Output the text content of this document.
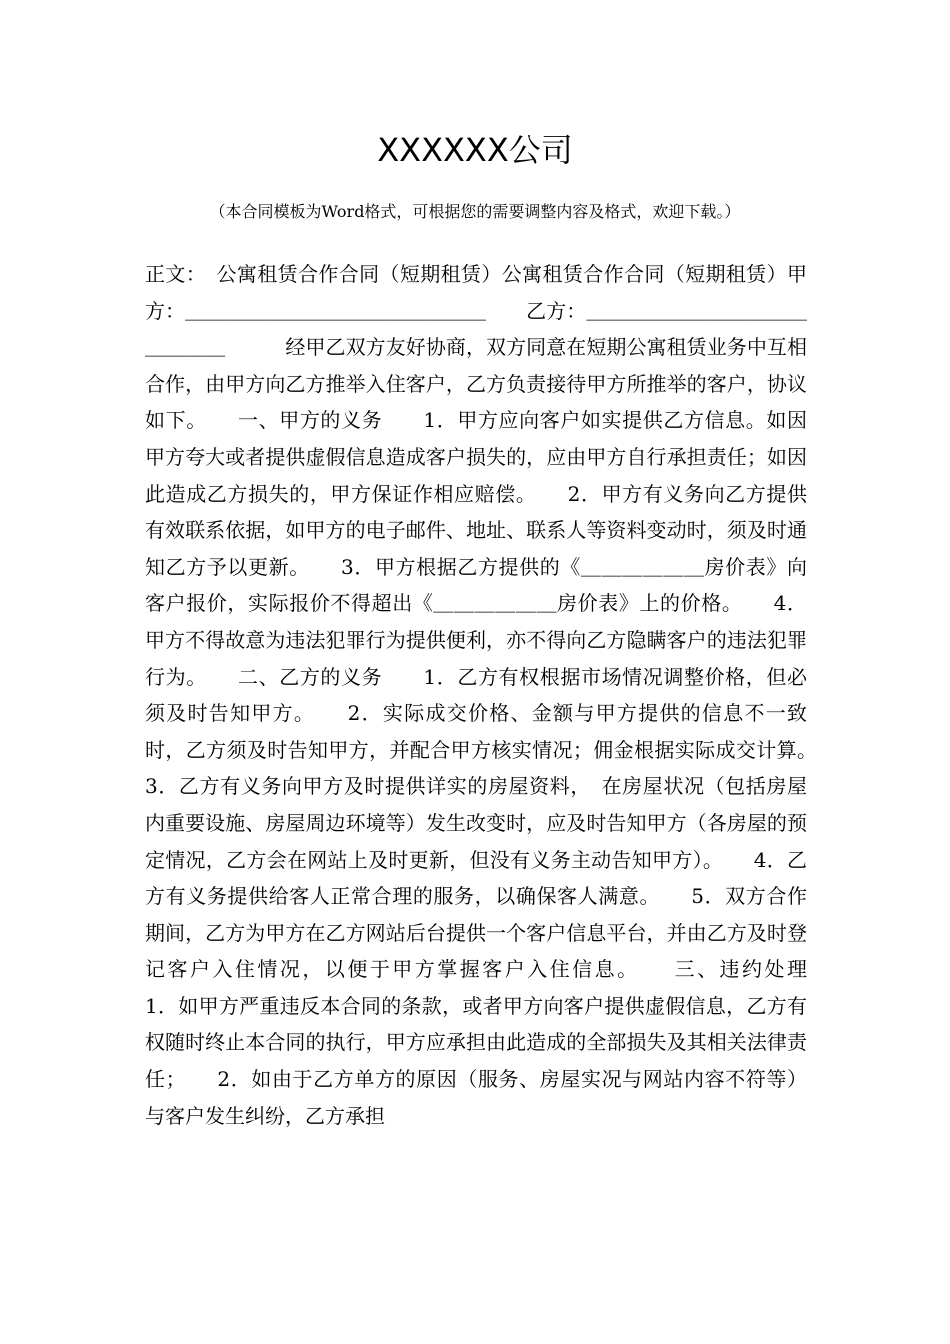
XXXXXX公司

（本合同模板为Word格式，可根据您的需要调整内容及格式，欢迎下载。）

正文：　公寓租赁合作合同（短期租赁）公寓租赁合作合同（短期租赁）甲方：＿＿＿＿＿＿＿＿＿＿＿＿＿＿＿　　乙方：＿＿＿＿＿＿＿＿＿＿＿＿＿＿＿　　　经甲乙双方友好协商，双方同意在短期公寓租赁业务中互相合作，由甲方向乙方推举入住客户，乙方负责接待甲方所推举的客户，协议如下。　　一、甲方的义务　　1．甲方应向客户如实提供乙方信息。如因甲方夸大或者提供虚假信息造成客户损失的，应由甲方自行承担责任；如因此造成乙方损失的，甲方保证作相应赔偿。　　2．甲方有义务向乙方提供有效联系依据，如甲方的电子邮件、地址、联系人等资料变动时，须及时通知乙方予以更新。　　3．甲方根据乙方提供的《＿＿＿＿＿＿房价表》向客户报价，实际报价不得超出《＿＿＿＿＿＿房价表》上的价格。　　4．甲方不得故意为违法犯罪行为提供便利，亦不得向乙方隐瞒客户的违法犯罪行为。　　二、乙方的义务　　1．乙方有权根据市场情况调整价格，但必须及时告知甲方。　　2．实际成交价格、金额与甲方提供的信息不一致时，乙方须及时告知甲方，并配合甲方核实情况；佣金根据实际成交计算。　　3．乙方有义务向甲方及时提供详实的房屋资料，　在房屋状况（包括房屋内重要设施、房屋周边环境等）发生改变时，应及时告知甲方（各房屋的预定情况，乙方会在网站上及时更新，但没有义务主动告知甲方）。　　4．乙方有义务提供给客人正常合理的服务，以确保客人满意。　　5．双方合作期间，乙方为甲方在乙方网站后台提供一个客户信息平台，并由乙方及时登记客户入住情况，以便于甲方掌握客户入住信息。　　三、违约处理　　1．如甲方严重违反本合同的条款，或者甲方向客户提供虚假信息，乙方有权随时终止本合同的执行，甲方应承担由此造成的全部损失及其相关法律责任；　　2．如由于乙方单方的原因（服务、房屋实况与网站内容不符等）与客户发生纠纷，乙方承担
